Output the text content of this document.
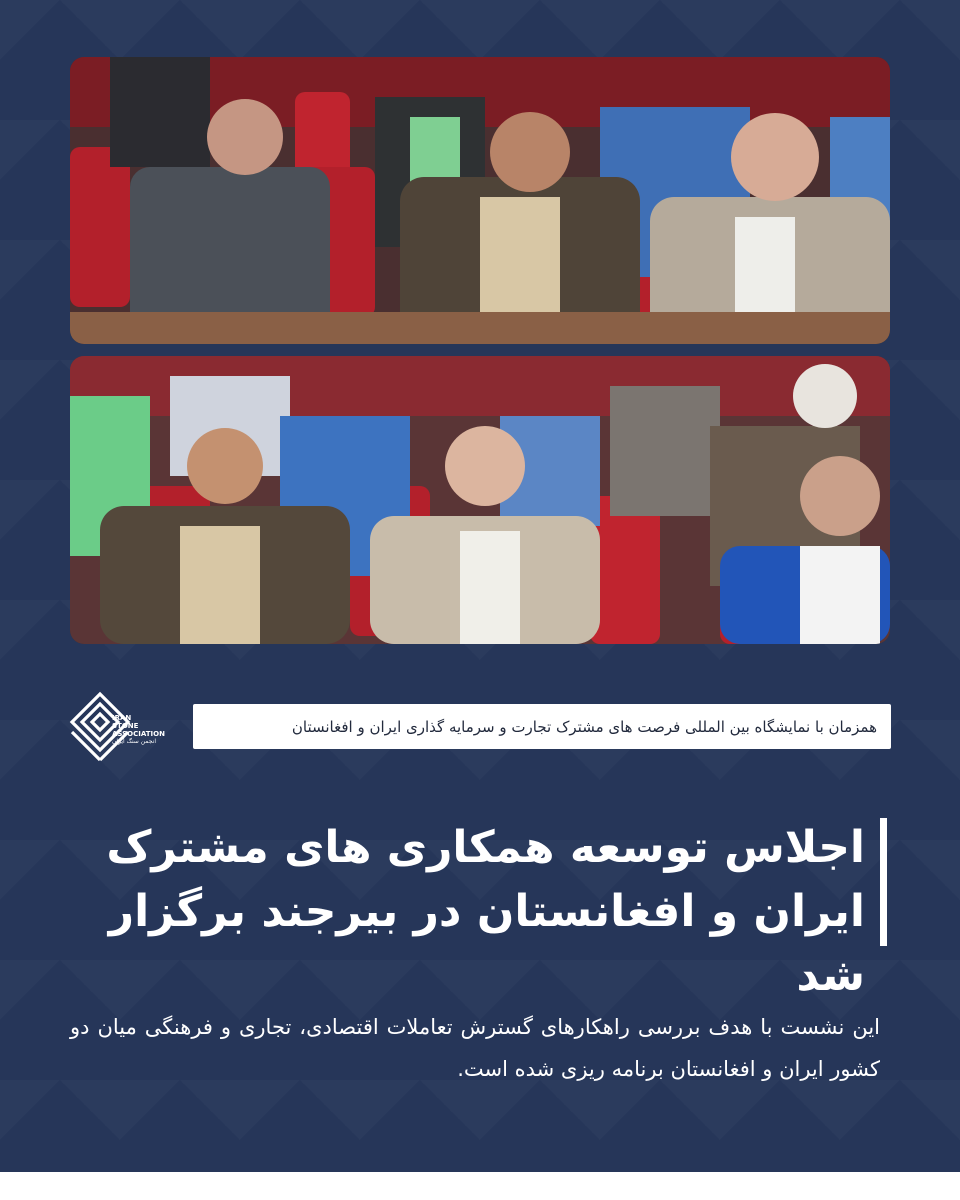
IRAN
STONE
ASSOCIATION
انجمن سنگ ایران
همزمان با نمایشگاه بین المللی فرصت های مشترک تجارت و سرمایه گذاری ایران و افغانستان
اجلاس توسعه همکاری های مشترک
ایران و افغانستان در بیرجند برگزار شد
این نشست با هدف بررسی راهکارهای گسترش تعاملات اقتصادی، تجاری و فرهنگی میان دو کشور ایران و افغانستان برنامه ریزی شده است.
